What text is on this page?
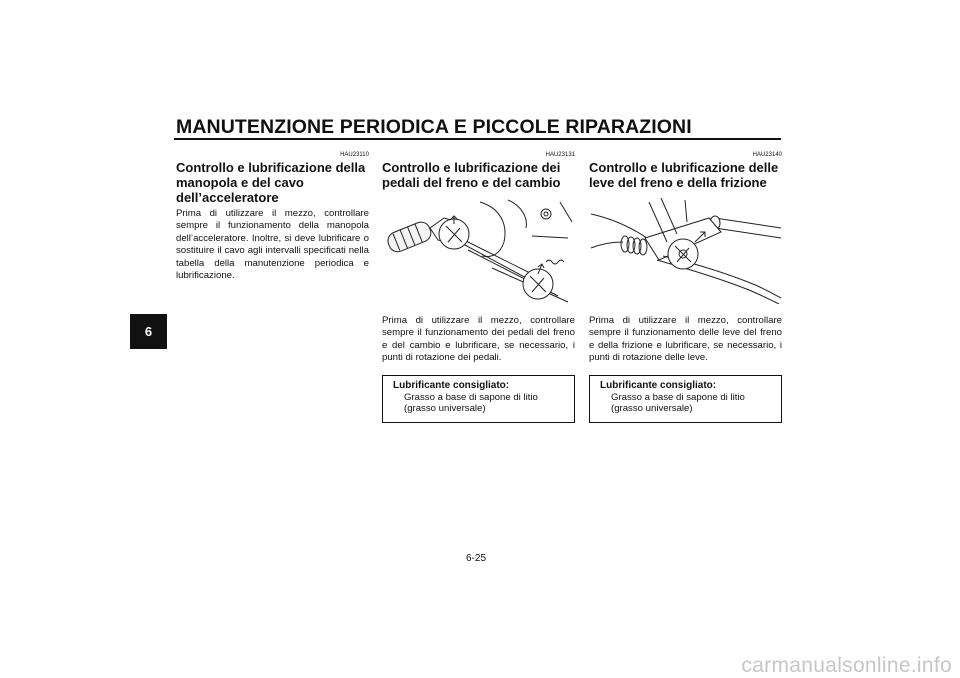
MANUTENZIONE PERIODICA E PICCOLE RIPARAZIONI
6
HAU23110
Controllo e lubrificazione della manopola e del cavo dell’acceleratore
Prima di utilizzare il mezzo, controllare sempre il funzionamento della manopola dell’acceleratore. Inoltre, si deve lubrificare o sostituire il cavo agli intervalli specificati nella tabella della manutenzione periodica e lubrificazione.
HAU23131
Controllo e lubrificazione dei pedali del freno e del cambio
Prima di utilizzare il mezzo, controllare sempre il funzionamento dei pedali del freno e del cambio e lubrificare, se necessario, i punti di rotazione dei pedali.
Lubrificante consigliato:
Grasso a base di sapone di litio
(grasso universale)
HAU23140
Controllo e lubrificazione delle leve del freno e della frizione
Prima di utilizzare il mezzo, controllare sempre il funzionamento delle leve del freno e della frizione e lubrificare, se necessario, i punti di rotazione delle leve.
Lubrificante consigliato:
Grasso a base di sapone di litio
(grasso universale)
6-25
carmanualsonline.info
